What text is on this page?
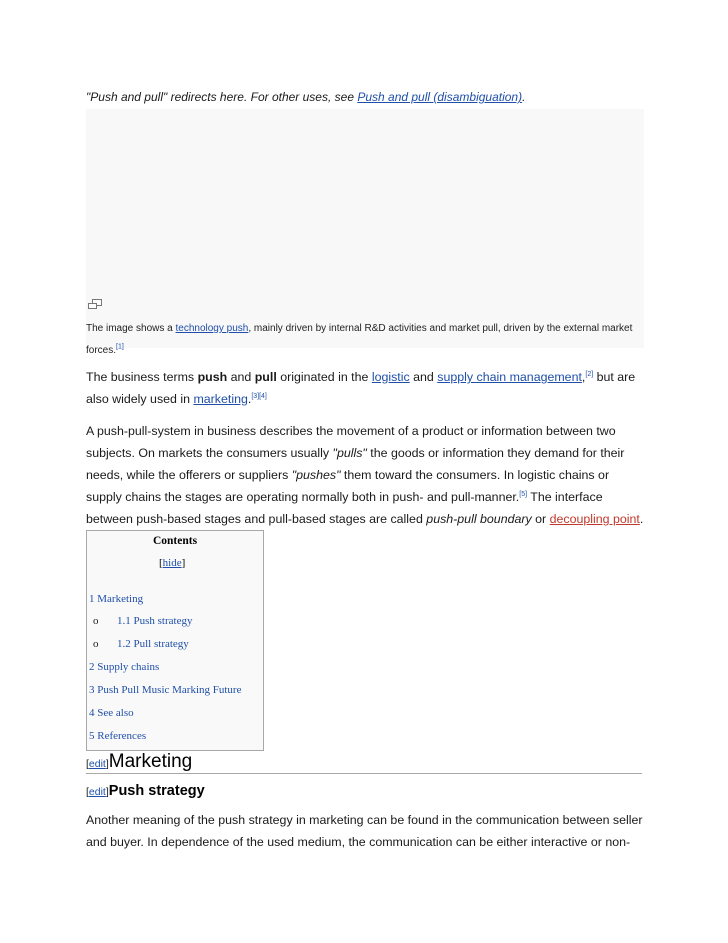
"Push and pull" redirects here. For other uses, see Push and pull (disambiguation).
The image shows a technology push, mainly driven by internal R&D activities and market pull, driven by the external market forces.[1]
The business terms push and pull originated in the logistic and supply chain management,[2] but are also widely used in marketing.[3][4]
A push-pull-system in business describes the movement of a product or information between two subjects. On markets the consumers usually "pulls" the goods or information they demand for their needs, while the offerers or suppliers "pushes" them toward the consumers. In logistic chains or supply chains the stages are operating normally both in push- and pull-manner.[5] The interface between push-based stages and pull-based stages are called push-pull boundary or decoupling point.
Contents
[hide]
1 Marketing
o 1.1 Push strategy
o 1.2 Pull strategy
2 Supply chains
3 Push Pull Music Marking Future
4 See also
5 References
[edit]Marketing
[edit]Push strategy
Another meaning of the push strategy in marketing can be found in the communication between seller and buyer. In dependence of the used medium, the communication can be either interactive or non-
